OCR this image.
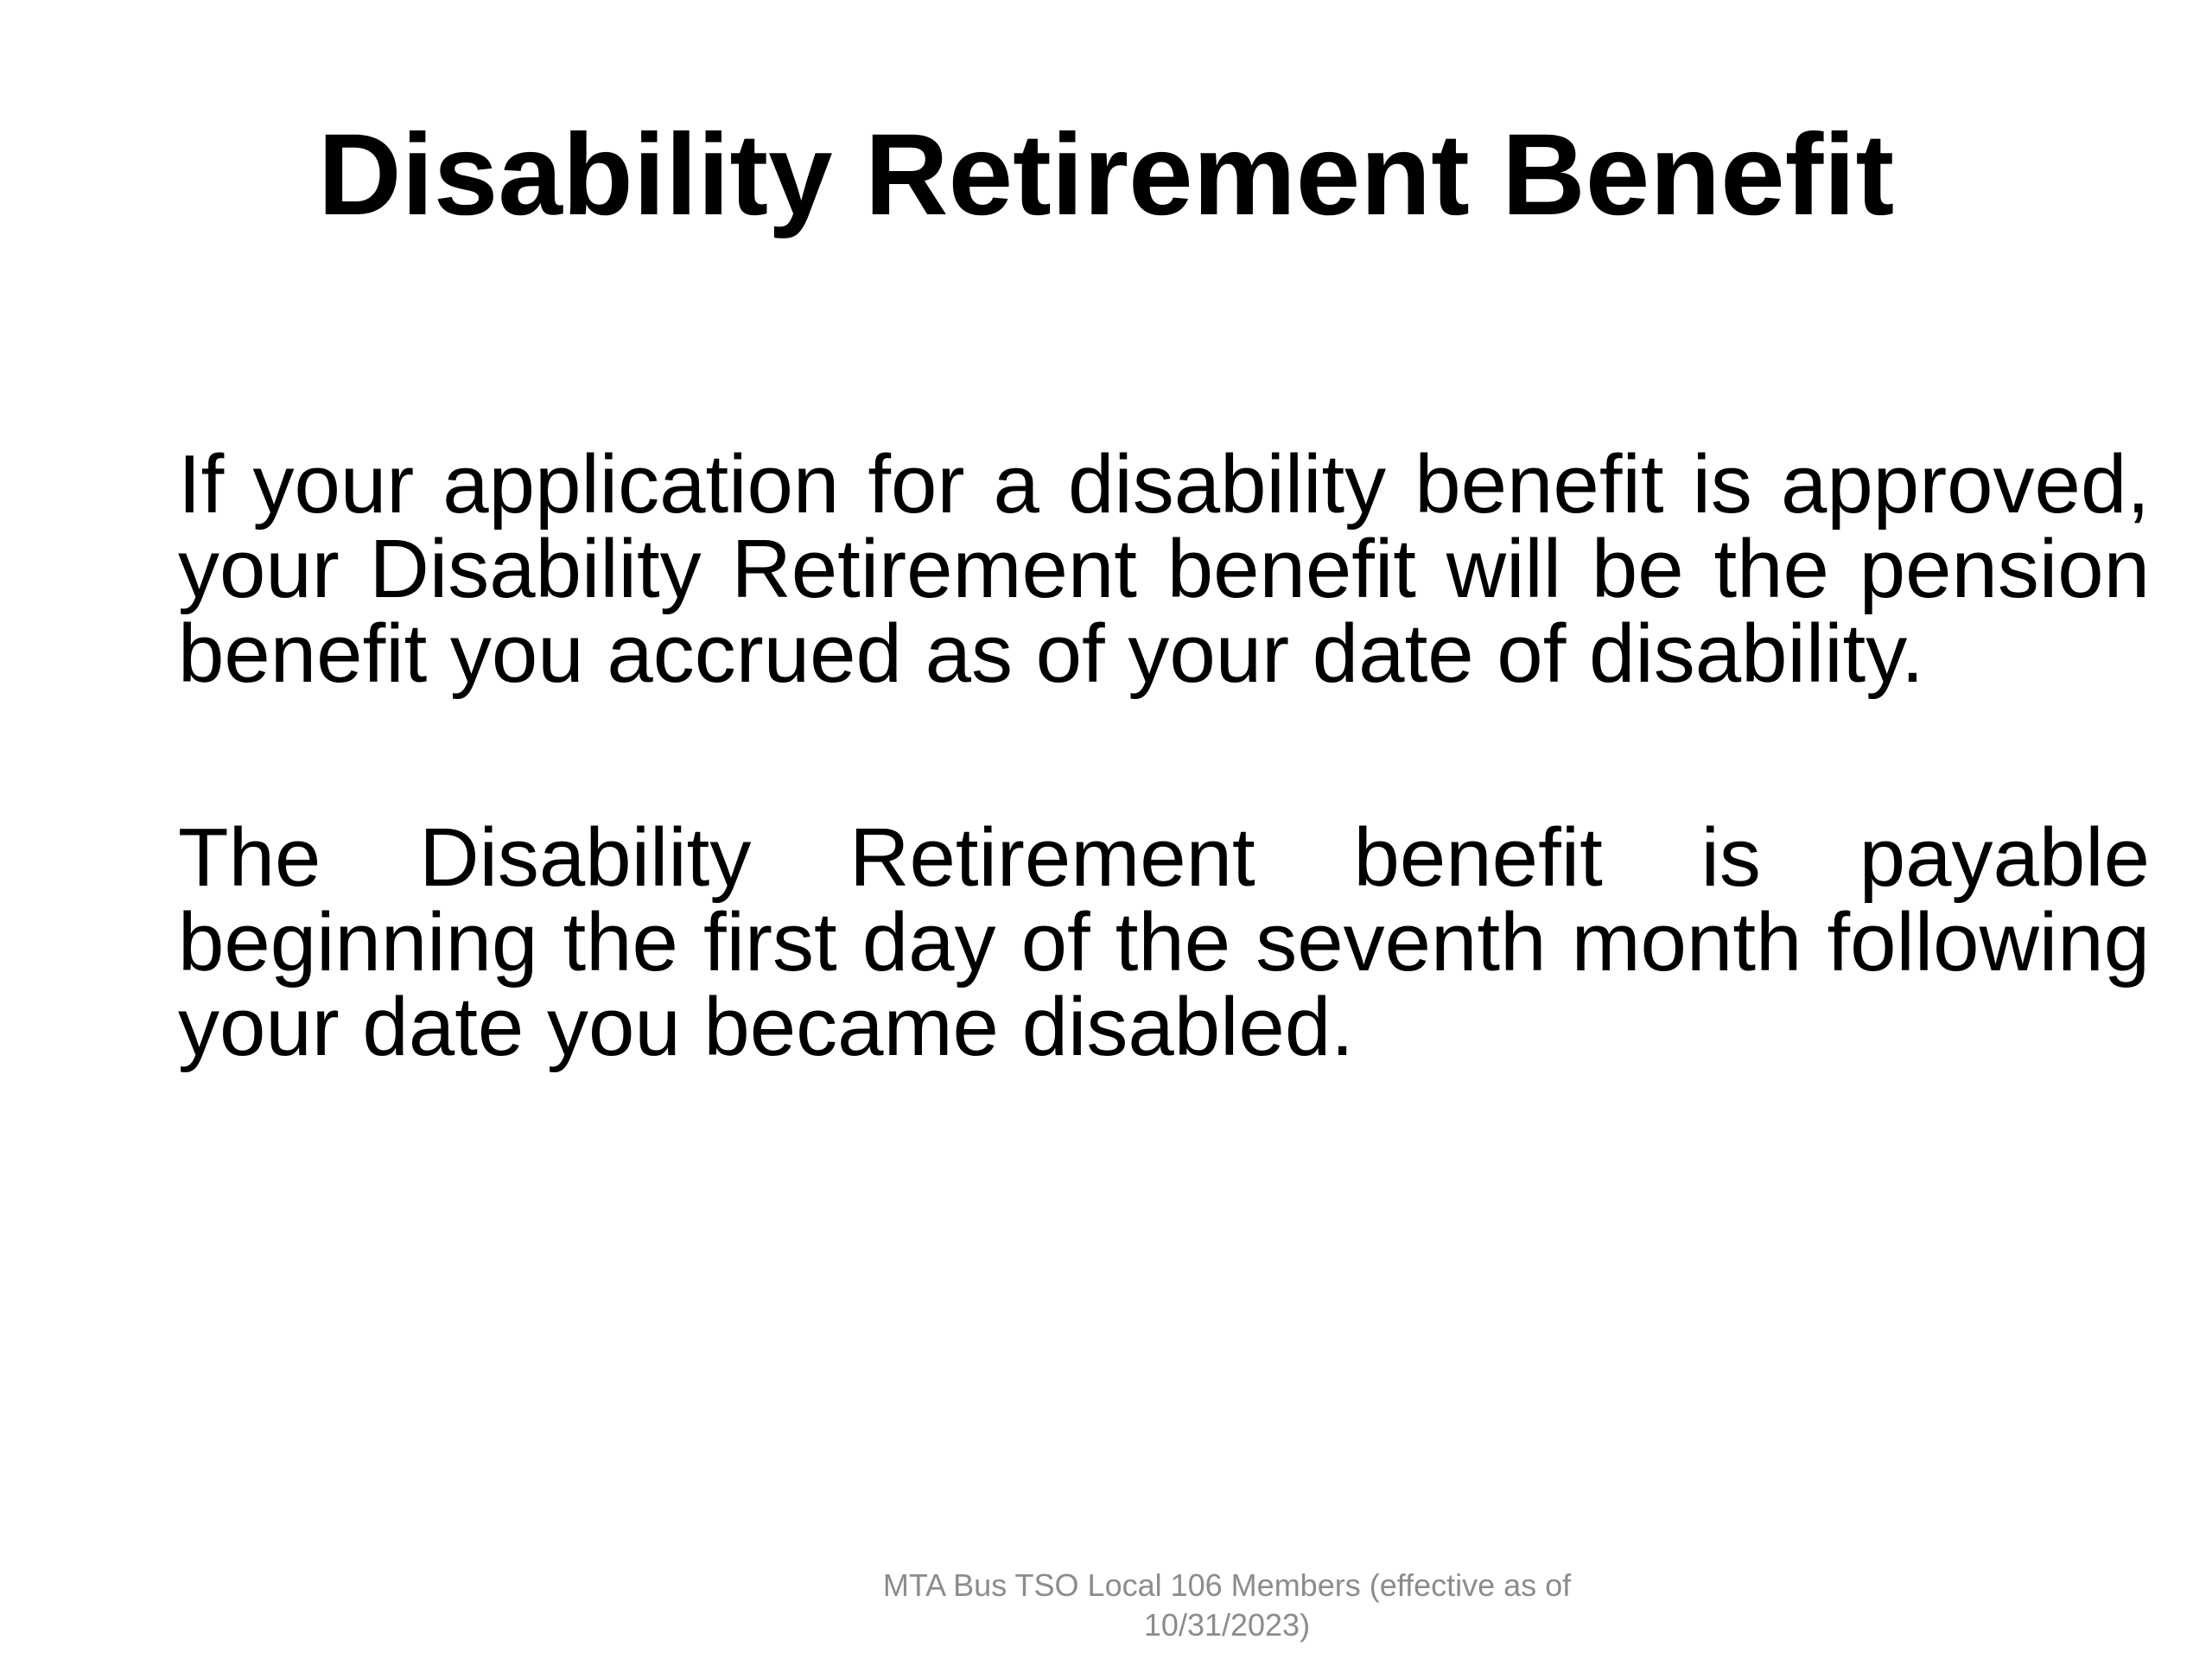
Disability Retirement Benefit

If your application for a disability benefit is approved, your Disability Retirement benefit will be the pension benefit you accrued as of your date of disability.

The Disability Retirement benefit is payable beginning the first day of the seventh month following your date you became disabled.

MTA Bus TSO Local 106 Members (effective as of 10/31/2023)
